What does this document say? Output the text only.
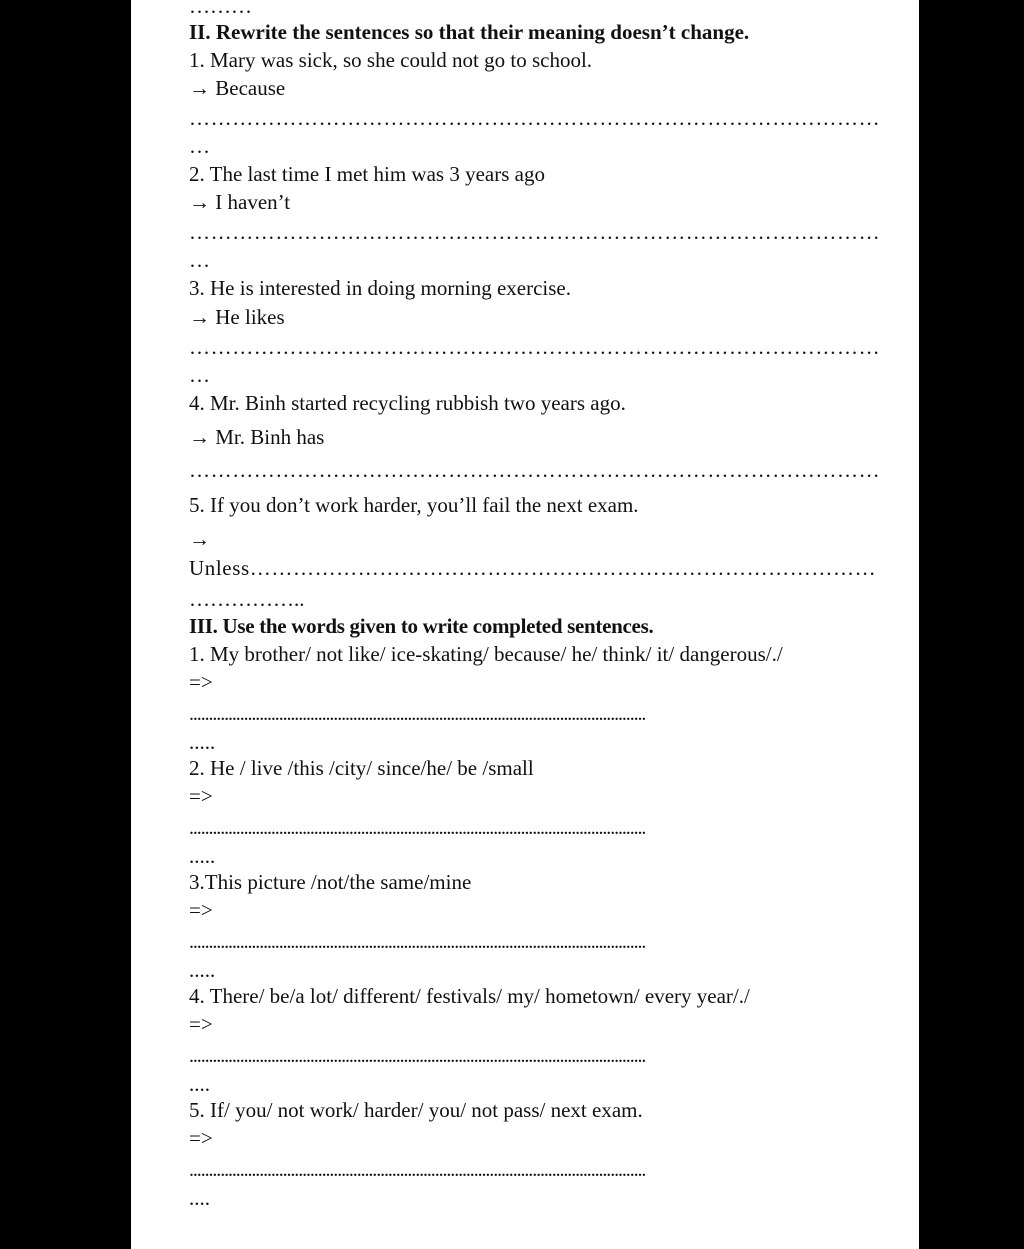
………
II. Rewrite the sentences so that their meaning doesn’t change.
1. Mary was sick, so she could not go to school.
→ Because
……………………………………………………………………………………
…
2. The last time I met him was 3 years ago
→ I haven’t
……………………………………………………………………………………
…
3. He is interested in doing morning exercise.
→ He likes
……………………………………………………………………………………
…
4. Mr. Binh started recycling rubbish two years ago.
→ Mr. Binh has
……………………………………………………………………………………
5. If you don’t work harder, you’ll fail the next exam.
→
Unless……………………………………………………………………………
……………..
III. Use the words given to write completed sentences.
1. My brother/ not like/ ice-skating/ because/ he/ think/ it/ dangerous/./
=>
.....................................................................................................................
.....
2. He / live /this /city/ since/he/ be /small
=>
.....................................................................................................................
.....
3.This picture /not/the same/mine
=>
.....................................................................................................................
.....
4. There/ be/a lot/ different/ festivals/ my/ hometown/ every year/./
=>
.....................................................................................................................
....
5. If/ you/ not work/ harder/ you/ not pass/ next exam.
=>
.....................................................................................................................
....
